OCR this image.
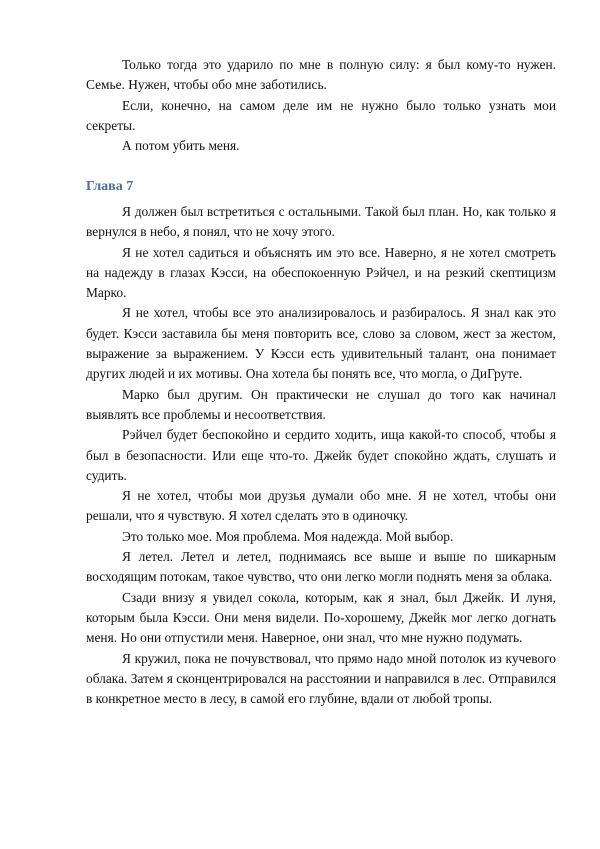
Только тогда это ударило по мне в полную силу: я был кому-то нужен. Семье. Нужен, чтобы обо мне заботились.

Если, конечно, на самом деле им не нужно было только узнать мои секреты.

А потом убить меня.

Глава 7

Я должен был встретиться с остальными. Такой был план. Но, как только я вернулся в небо, я понял, что не хочу этого.

Я не хотел садиться и объяснять им это все. Наверно, я не хотел смотреть на надежду в глазах Кэсси, на обеспокоенную Рэйчел, и на резкий скептицизм Марко.

Я не хотел, чтобы все это анализировалось и разбиралось. Я знал как это будет. Кэсси заставила бы меня повторить все, слово за словом, жест за жестом, выражение за выражением. У Кэсси есть удивительный талант, она понимает других людей и их мотивы. Она хотела бы понять все, что могла, о ДиГруте.

Марко был другим. Он практически не слушал до того как начинал выявлять все проблемы и несоответствия.

Рэйчел будет беспокойно и сердито ходить, ища какой-то способ, чтобы я был в безопасности. Или еще что-то. Джейк будет спокойно ждать, слушать и судить.

Я не хотел, чтобы мои друзья думали обо мне. Я не хотел, чтобы они решали, что я чувствую. Я хотел сделать это в одиночку.

Это только мое. Моя проблема. Моя надежда. Мой выбор.

Я летел. Летел и летел, поднимаясь все выше и выше по шикарным восходящим потокам, такое чувство, что они легко могли поднять меня за облака.

Сзади внизу я увидел сокола, которым, как я знал, был Джейк. И луня, которым была Кэсси. Они меня видели. По-хорошему, Джейк мог легко догнать меня. Но они отпустили меня. Наверное, они знал, что мне нужно подумать.

Я кружил, пока не почувствовал, что прямо надо мной потолок из кучевого облака. Затем я сконцентрировался на расстоянии и направился в лес. Отправился в конкретное место в лесу, в самой его глубине, вдали от любой тропы.
